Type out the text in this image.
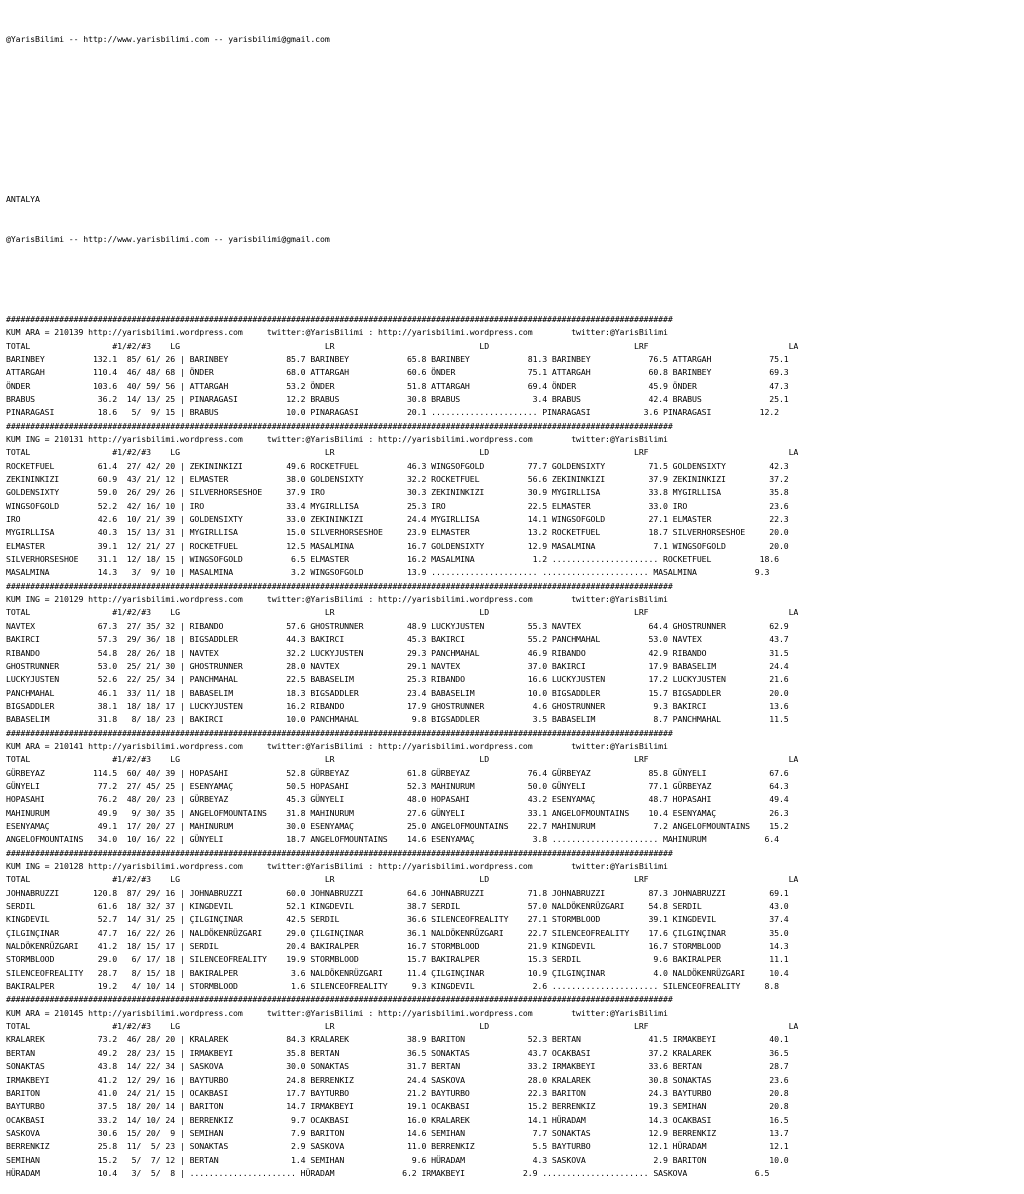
@YarisBilimi -- http://www.yarisbilimi.com -- yarisbilimi@gmail.com

ANTALYA

@YarisBilimi -- http://www.yarisbilimi.com -- yarisbilimi@gmail.com

##########################################################################################################################################
KUM ARA = 210139 http://yarisbilimi.wordpress.com     twitter:@YarisBilimi : http://yarisbilimi.wordpress.com        twitter:@YarisBilimi
TOTAL                 #1/#2/#3    LG                              LR                              LD                              LRF                             LA
BARINBEY          132.1  85/ 61/ 26 | BARINBEY            85.7 BARINBEY            65.8 BARINBEY            81.3 BARINBEY            76.5 ATTARGAH            75.1
ATTARGAH          110.4  46/ 48/ 68 | ÖNDER               68.0 ATTARGAH            60.6 ÖNDER               75.1 ATTARGAH            60.8 BARINBEY            69.3
ÖNDER             103.6  40/ 59/ 56 | ATTARGAH            53.2 ÖNDER               51.8 ATTARGAH            69.4 ÖNDER               45.9 ÖNDER               47.3
BRABUS             36.2  14/ 13/ 25 | PINARAGASI          12.2 BRABUS              30.8 BRABUS               3.4 BRABUS              42.4 BRABUS              25.1
PINARAGASI         18.6   5/  9/ 15 | BRABUS              10.0 PINARAGASI          20.1 ...................... PINARAGASI           3.6 PINARAGASI          12.2
##########################################################################################################################################
KUM ING = 210131 http://yarisbilimi.wordpress.com     twitter:@YarisBilimi : http://yarisbilimi.wordpress.com        twitter:@YarisBilimi
TOTAL                 #1/#2/#3    LG                              LR                              LD                              LRF                             LA
ROCKETFUEL         61.4  27/ 42/ 20 | ZEKININKIZI         49.6 ROCKETFUEL          46.3 WINGSOFGOLD         77.7 GOLDENSIXTY         71.5 GOLDENSIXTY         42.3
ZEKININKIZI        60.9  43/ 21/ 12 | ELMASTER            38.0 GOLDENSIXTY         32.2 ROCKETFUEL          56.6 ZEKININKIZI         37.9 ZEKININKIZI         37.2
GOLDENSIXTY        59.0  26/ 29/ 26 | SILVERHORSESHOE     37.9 IRO                 30.3 ZEKININKIZI         30.9 MYGIRLLISA          33.8 MYGIRLLISA          35.8
WINGSOFGOLD        52.2  42/ 16/ 10 | IRO                 33.4 MYGIRLLISA          25.3 IRO                 22.5 ELMASTER            33.0 IRO                 23.6
IRO                42.6  10/ 21/ 39 | GOLDENSIXTY         33.0 ZEKININKIZI         24.4 MYGIRLLISA          14.1 WINGSOFGOLD         27.1 ELMASTER            22.3
MYGIRLLISA         40.3  15/ 13/ 31 | MYGIRLLISA          15.0 SILVERHORSESHOE     23.9 ELMASTER            13.2 ROCKETFUEL          18.7 SILVERHORSESHOE     20.0
ELMASTER           39.1  12/ 21/ 27 | ROCKETFUEL          12.5 MASALMINA           16.7 GOLDENSIXTY         12.9 MASALMINA            7.1 WINGSOFGOLD         20.0
SILVERHORSESHOE    31.1  12/ 18/ 15 | WINGSOFGOLD          6.5 ELMASTER            16.2 MASALMINA            1.2 ...................... ROCKETFUEL          18.6
MASALMINA          14.3   3/  9/ 10 | MASALMINA            3.2 WINGSOFGOLD         13.9 ...................... ...................... MASALMINA            9.3
##########################################################################################################################################
KUM ING = 210129 http://yarisbilimi.wordpress.com     twitter:@YarisBilimi : http://yarisbilimi.wordpress.com        twitter:@YarisBilimi
TOTAL                 #1/#2/#3    LG                              LR                              LD                              LRF                             LA
NAVTEX             67.3  27/ 35/ 32 | RIBANDO             57.6 GHOSTRUNNER         48.9 LUCKYJUSTEN         55.3 NAVTEX              64.4 GHOSTRUNNER         62.9
BAKIRCI            57.3  29/ 36/ 18 | BIGSADDLER          44.3 BAKIRCI             45.3 BAKIRCI             55.2 PANCHMAHAL          53.0 NAVTEX              43.7
RIBANDO            54.8  28/ 26/ 18 | NAVTEX              32.2 LUCKYJUSTEN         29.3 PANCHMAHAL          46.9 RIBANDO             42.9 RIBANDO             31.5
GHOSTRUNNER        53.0  25/ 21/ 30 | GHOSTRUNNER         28.0 NAVTEX              29.1 NAVTEX              37.0 BAKIRCI             17.9 BABASELIM           24.4
LUCKYJUSTEN        52.6  22/ 25/ 34 | PANCHMAHAL          22.5 BABASELIM           25.3 RIBANDO             16.6 LUCKYJUSTEN         17.2 LUCKYJUSTEN         21.6
PANCHMAHAL         46.1  33/ 11/ 18 | BABASELIM           18.3 BIGSADDLER          23.4 BABASELIM           10.0 BIGSADDLER          15.7 BIGSADDLER          20.0
BIGSADDLER         38.1  18/ 18/ 17 | LUCKYJUSTEN         16.2 RIBANDO             17.9 GHOSTRUNNER          4.6 GHOSTRUNNER          9.3 BAKIRCI             13.6
BABASELIM          31.8   8/ 18/ 23 | BAKIRCI             10.0 PANCHMAHAL           9.8 BIGSADDLER           3.5 BABASELIM            8.7 PANCHMAHAL          11.5
##########################################################################################################################################
KUM ARA = 210141 http://yarisbilimi.wordpress.com     twitter:@YarisBilimi : http://yarisbilimi.wordpress.com        twitter:@YarisBilimi
TOTAL                 #1/#2/#3    LG                              LR                              LD                              LRF                             LA
GÜRBEYAZ          114.5  60/ 40/ 39 | HOPASAHI            52.8 GÜRBEYAZ            61.8 GÜRBEYAZ            76.4 GÜRBEYAZ            85.8 GÜNYELI             67.6
GÜNYELI            77.2  27/ 45/ 25 | ESENYAMAÇ           50.5 HOPASAHI            52.3 MAHINURUM           50.0 GÜNYELI             77.1 GÜRBEYAZ            64.3
HOPASAHI           76.2  48/ 20/ 23 | GÜRBEYAZ            45.3 GÜNYELI             48.0 HOPASAHI            43.2 ESENYAMAÇ           48.7 HOPASAHI            49.4
MAHINURUM          49.9   9/ 30/ 35 | ANGELOFMOUNTAINS    31.8 MAHINURUM           27.6 GÜNYELI             33.1 ANGELOFMOUNTAINS    10.4 ESENYAMAÇ           26.3
ESENYAMAÇ          49.1  17/ 20/ 27 | MAHINURUM           30.0 ESENYAMAÇ           25.0 ANGELOFMOUNTAINS    22.7 MAHINURUM            7.2 ANGELOFMOUNTAINS    15.2
ANGELOFMOUNTAINS   34.0  10/ 16/ 22 | GÜNYELI             18.7 ANGELOFMOUNTAINS    14.6 ESENYAMAÇ            3.8 ...................... MAHINURUM            6.4
##########################################################################################################################################
KUM ING = 210128 http://yarisbilimi.wordpress.com     twitter:@YarisBilimi : http://yarisbilimi.wordpress.com        twitter:@YarisBilimi
TOTAL                 #1/#2/#3    LG                              LR                              LD                              LRF                             LA
JOHNABRUZZI       120.8  87/ 29/ 16 | JOHNABRUZZI         60.0 JOHNABRUZZI         64.6 JOHNABRUZZI         71.8 JOHNABRUZZI         87.3 JOHNABRUZZI         69.1
SERDIL             61.6  18/ 32/ 37 | KINGDEVIL           52.1 KINGDEVIL           38.7 SERDIL              57.0 NALDÖKENRÜZGARI     54.8 SERDIL              43.0
KINGDEVIL          52.7  14/ 31/ 25 | ÇILGINÇINAR         42.5 SERDIL              36.6 SILENCEOFREALITY    27.1 STORMBLOOD          39.1 KINGDEVIL           37.4
ÇILGINÇINAR        47.7  16/ 22/ 26 | NALDÖKENRÜZGARI     29.0 ÇILGINÇINAR         36.1 NALDÖKENRÜZGARI     22.7 SILENCEOFREALITY    17.6 ÇILGINÇINAR         35.0
NALDÖKENRÜZGARI    41.2  18/ 15/ 17 | SERDIL              20.4 BAKIRALPER          16.7 STORMBLOOD          21.9 KINGDEVIL           16.7 STORMBLOOD          14.3
STORMBLOOD         29.0   6/ 17/ 18 | SILENCEOFREALITY    19.9 STORMBLOOD          15.7 BAKIRALPER          15.3 SERDIL               9.6 BAKIRALPER          11.1
SILENCEOFREALITY   28.7   8/ 15/ 18 | BAKIRALPER           3.6 NALDÖKENRÜZGARI     11.4 ÇILGINÇINAR         10.9 ÇILGINÇINAR          4.0 NALDÖKENRÜZGARI     10.4
BAKIRALPER         19.2   4/ 10/ 14 | STORMBLOOD           1.6 SILENCEOFREALITY     9.3 KINGDEVIL            2.6 ...................... SILENCEOFREALITY     8.8
##########################################################################################################################################
KUM ARA = 210145 http://yarisbilimi.wordpress.com     twitter:@YarisBilimi : http://yarisbilimi.wordpress.com        twitter:@YarisBilimi
TOTAL                 #1/#2/#3    LG                              LR                              LD                              LRF                             LA
KRALAREK           73.2  46/ 28/ 20 | KRALAREK            84.3 KRALAREK            38.9 BARITON             52.3 BERTAN              41.5 IRMAKBEYI           40.1
BERTAN             49.2  28/ 23/ 15 | IRMAKBEYI           35.8 BERTAN              36.5 SONAKTAS            43.7 OCAKBASI            37.2 KRALAREK            36.5
SONAKTAS           43.8  14/ 22/ 34 | SASKOVA             30.0 SONAKTAS            31.7 BERTAN              33.2 IRMAKBEYI           33.6 BERTAN              28.7
IRMAKBEYI          41.2  12/ 29/ 16 | BAYTURBO            24.8 BERRENKIZ           24.4 SASKOVA             28.0 KRALAREK            30.8 SONAKTAS            23.6
BARITON            41.0  24/ 21/ 15 | OCAKBASI            17.7 BAYTURBO            21.2 BAYTURBO            22.3 BARITON             24.3 BAYTURBO            20.8
BAYTURBO           37.5  18/ 20/ 14 | BARITON             14.7 IRMAKBEYI           19.1 OCAKBASI            15.2 BERRENKIZ           19.3 SEMIHAN             20.8
OCAKBASI           33.2  14/ 10/ 24 | BERRENKIZ            9.7 OCAKBASI            16.0 KRALAREK            14.1 HÜRADAM             14.3 OCAKBASI            16.5
SASKOVA            30.6  15/ 20/  9 | SEMIHAN              7.9 BARITON             14.6 SEMIHAN              7.7 SONAKTAS            12.9 BERRENKIZ           13.7
BERRENKIZ          25.8  11/  5/ 23 | SONAKTAS             2.9 SASKOVA             11.0 BERRENKIZ            5.5 BAYTURBO            12.1 HÜRADAM             12.1
SEMIHAN            15.2   5/  7/ 12 | BERTAN               1.4 SEMIHAN              9.6 HÜRADAM              4.3 SASKOVA              2.9 BARITON             10.0
HÜRADAM            10.4   3/  5/  8 | ...................... HÜRADAM              6.2 IRMAKBEYI            2.9 ...................... SASKOVA              6.5
